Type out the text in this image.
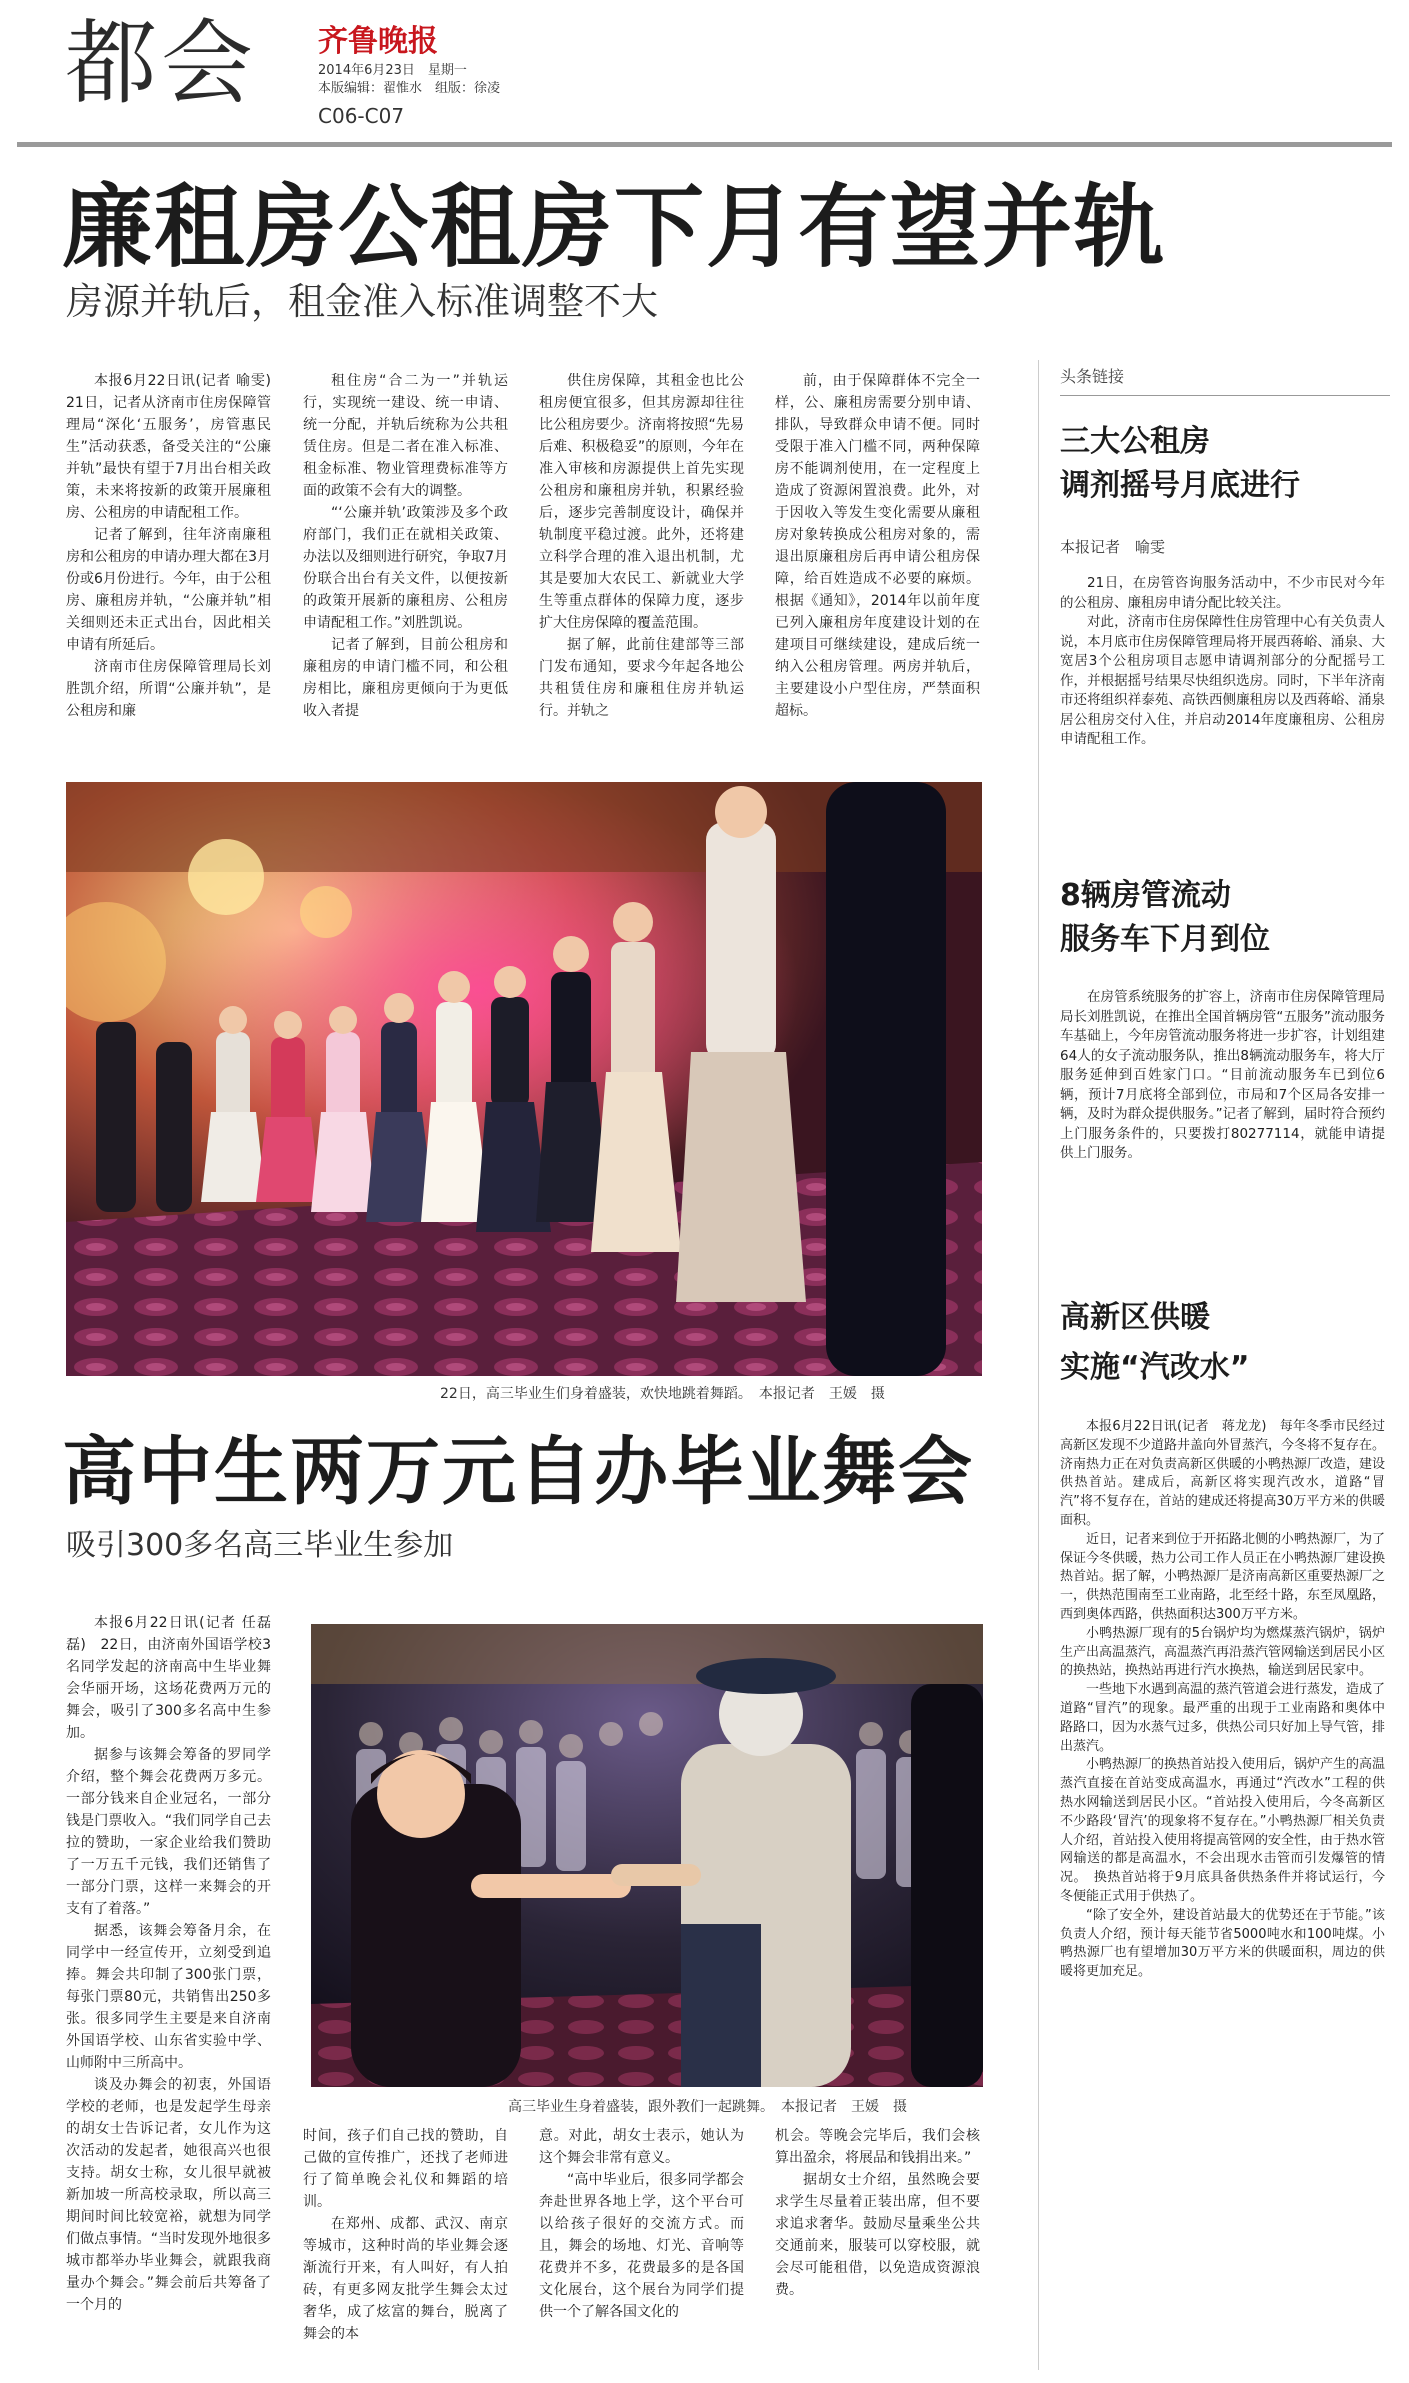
都会 齐鲁晚报
2014年6月23日　星期一
本版编辑：翟惟水　组版：徐凌
C06-C07
廉租房公租房下月有望并轨
房源并轨后，租金准入标准调整不大

本报6月22日讯(记者 喻雯)　21日，记者从济南市住房保障管理局“深化‘五服务’，房管惠民生”活动获悉，备受关注的“公廉并轨”最快有望于7月出台相关政策，未来将按新的政策开展廉租房、公租房的申请配租工作。

记者了解到，往年济南廉租房和公租房的申请办理大都在3月份或6月份进行。今年，由于公租房、廉租房并轨，“公廉并轨”相关细则还未正式出台，因此相关申请有所延后。

济南市住房保障管理局长刘胜凯介绍，所谓“公廉并轨”，是公租房和廉

租住房“合二为一”并轨运行，实现统一建设、统一申请、统一分配，并轨后统称为公共租赁住房。但是二者在准入标准、租金标准、物业管理费标准等方面的政策不会有大的调整。

“‘公廉并轨’政策涉及多个政府部门，我们正在就相关政策、办法以及细则进行研究，争取7月份联合出台有关文件，以便按新的政策开展新的廉租房、公租房申请配租工作。”刘胜凯说。

记者了解到，目前公租房和廉租房的申请门槛不同，和公租房相比，廉租房更倾向于为更低收入者提

供住房保障，其租金也比公租房便宜很多，但其房源却往往比公租房要少。济南将按照“先易后难、积极稳妥”的原则，今年在准入审核和房源提供上首先实现公租房和廉租房并轨，积累经验后，逐步完善制度设计，确保并轨制度平稳过渡。此外，还将建立科学合理的准入退出机制，尤其是要加大农民工、新就业大学生等重点群体的保障力度，逐步扩大住房保障的覆盖范围。

据了解，此前住建部等三部门发布通知，要求今年起各地公共租赁住房和廉租住房并轨运行。并轨之

前，由于保障群体不完全一样，公、廉租房需要分别申请、排队，导致群众申请不便。同时受限于准入门槛不同，两种保障房不能调剂使用，在一定程度上造成了资源闲置浪费。此外，对于因收入等发生变化需要从廉租房对象转换成公租房对象的，需退出原廉租房后再申请公租房保障，给百姓造成不必要的麻烦。根据《通知》，2014年以前年度已列入廉租房年度建设计划的在建项目可继续建设，建成后统一纳入公租房管理。两房并轨后，主要建设小户型住房，严禁面积超标。

22日，高三毕业生们身着盛装，欢快地跳着舞蹈。　本报记者　王媛　摄
高中生两万元自办毕业舞会
吸引300多名高三毕业生参加

本报6月22日讯(记者 任磊磊)　22日，由济南外国语学校3名同学发起的济南高中生毕业舞会华丽开场，这场花费两万元的舞会，吸引了300多名高中生参加。

据参与该舞会筹备的罗同学介绍，整个舞会花费两万多元。一部分钱来自企业冠名，一部分钱是门票收入。“我们同学自己去拉的赞助，一家企业给我们赞助了一万五千元钱，我们还销售了一部分门票，这样一来舞会的开支有了着落。”

据悉，该舞会筹备月余，在同学中一经宣传开，立刻受到追捧。舞会共印制了300张门票，每张门票80元，共销售出250多张。很多同学生主要是来自济南外国语学校、山东省实验中学、山师附中三所高中。

谈及办舞会的初衷，外国语学校的老师，也是发起学生母亲的胡女士告诉记者，女儿作为这次活动的发起者，她很高兴也很支持。胡女士称，女儿很早就被新加坡一所高校录取，所以高三期间时间比较宽裕，就想为同学们做点事情。“当时发现外地很多城市都举办毕业舞会，就跟我商量办个舞会。”舞会前后共筹备了一个月的

高三毕业生身着盛装，跟外教们一起跳舞。　本报记者　王媛　摄

时间，孩子们自己找的赞助，自己做的宣传推广，还找了老师进行了简单晚会礼仪和舞蹈的培训。

在郑州、成都、武汉、南京等城市，这种时尚的毕业舞会逐渐流行开来，有人叫好，有人拍砖，有更多网友批学生舞会太过奢华，成了炫富的舞台，脱离了舞会的本

意。对此，胡女士表示，她认为这个舞会非常有意义。

“高中毕业后，很多同学都会奔赴世界各地上学，这个平台可以给孩子很好的交流方式。而且，舞会的场地、灯光、音响等花费并不多，花费最多的是各国文化展台，这个展台为同学们提供一个了解各国文化的

机会。等晚会完毕后，我们会核算出盈余，将展品和钱捐出来。”

据胡女士介绍，虽然晚会要求学生尽量着正装出席，但不要求追求奢华。鼓励尽量乘坐公共交通前来，服装可以穿校服，就会尽可能租借，以免造成资源浪费。

头条链接
三大公租房
调剂摇号月底进行
本报记者　喻雯

21日，在房管咨询服务活动中，不少市民对今年的公租房、廉租房申请分配比较关注。

对此，济南市住房保障性住房管理中心有关负责人说，本月底市住房保障管理局将开展西蒋峪、涌泉、大宽居3个公租房项目志愿申请调剂部分的分配摇号工作，并根据摇号结果尽快组织选房。同时，下半年济南市还将组织祥泰苑、高铁西侧廉租房以及西蒋峪、涌泉居公租房交付入住，并启动2014年度廉租房、公租房申请配租工作。

8辆房管流动
服务车下月到位

在房管系统服务的扩容上，济南市住房保障管理局局长刘胜凯说，在推出全国首辆房管“五服务”流动服务车基础上，今年房管流动服务将进一步扩容，计划组建64人的女子流动服务队，推出8辆流动服务车，将大厅服务延伸到百姓家门口。“目前流动服务车已到位6辆，预计7月底将全部到位，市局和7个区局各安排一辆，及时为群众提供服务。”记者了解到，届时符合预约上门服务条件的，只要拨打80277114，就能申请提供上门服务。

高新区供暖
实施“汽改水”

本报6月22日讯(记者　蒋龙龙)　每年冬季市民经过高新区发现不少道路井盖向外冒蒸汽，今冬将不复存在。济南热力正在对负责高新区供暖的小鸭热源厂改造，建设供热首站。建成后，高新区将实现汽改水，道路“冒汽”将不复存在，首站的建成还将提高30万平方米的供暖面积。

近日，记者来到位于开拓路北侧的小鸭热源厂，为了保证今冬供暖，热力公司工作人员正在小鸭热源厂建设换热首站。据了解，小鸭热源厂是济南高新区重要热源厂之一，供热范围南至工业南路，北至经十路，东至凤凰路，西到奥体西路，供热面积达300万平方米。

小鸭热源厂现有的5台锅炉均为燃煤蒸汽锅炉，锅炉生产出高温蒸汽，高温蒸汽再沿蒸汽管网输送到居民小区的换热站，换热站再进行汽水换热，输送到居民家中。

一些地下水遇到高温的蒸汽管道会进行蒸发，造成了道路“冒汽”的现象。最严重的出现于工业南路和奥体中路路口，因为水蒸气过多，供热公司只好加上导气管，排出蒸汽。

小鸭热源厂的换热首站投入使用后，锅炉产生的高温蒸汽直接在首站变成高温水，再通过“汽改水”工程的供热水网输送到居民小区。“首站投入使用后，今冬高新区不少路段‘冒汽’的现象将不复存在。”小鸭热源厂相关负责人介绍，首站投入使用将提高管网的安全性，由于热水管网输送的都是高温水，不会出现水击管而引发爆管的情况。　换热首站将于9月底具备供热条件并将试运行，今冬便能正式用于供热了。

“除了安全外，建设首站最大的优势还在于节能。”该负责人介绍，预计每天能节省5000吨水和100吨煤。小鸭热源厂也有望增加30万平方米的供暖面积，周边的供暖将更加充足。
